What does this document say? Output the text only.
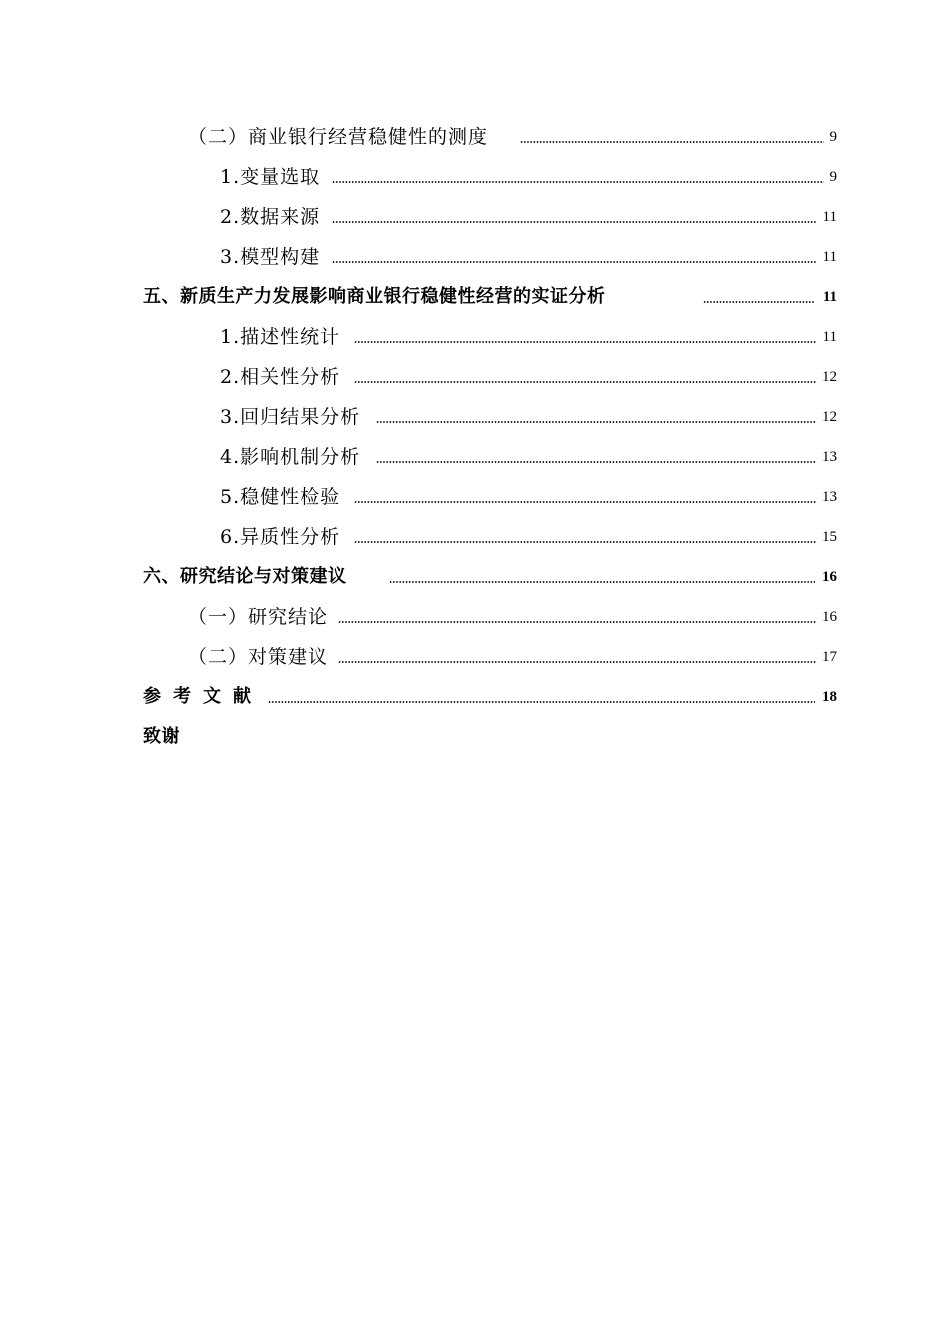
（二）商业银行经营稳健性的测度	9
1.变量选取	9
2.数据来源	11
3.模型构建	11
五、新质生产力发展影响商业银行稳健性经营的实证分析	11
1.描述性统计	11
2.相关性分析	12
3.回归结果分析	12
4.影响机制分析	13
5.稳健性检验	13
6.异质性分析	15
六、研究结论与对策建议	16
（一）研究结论	16
（二）对策建议	17
参考文献	18
致谢
